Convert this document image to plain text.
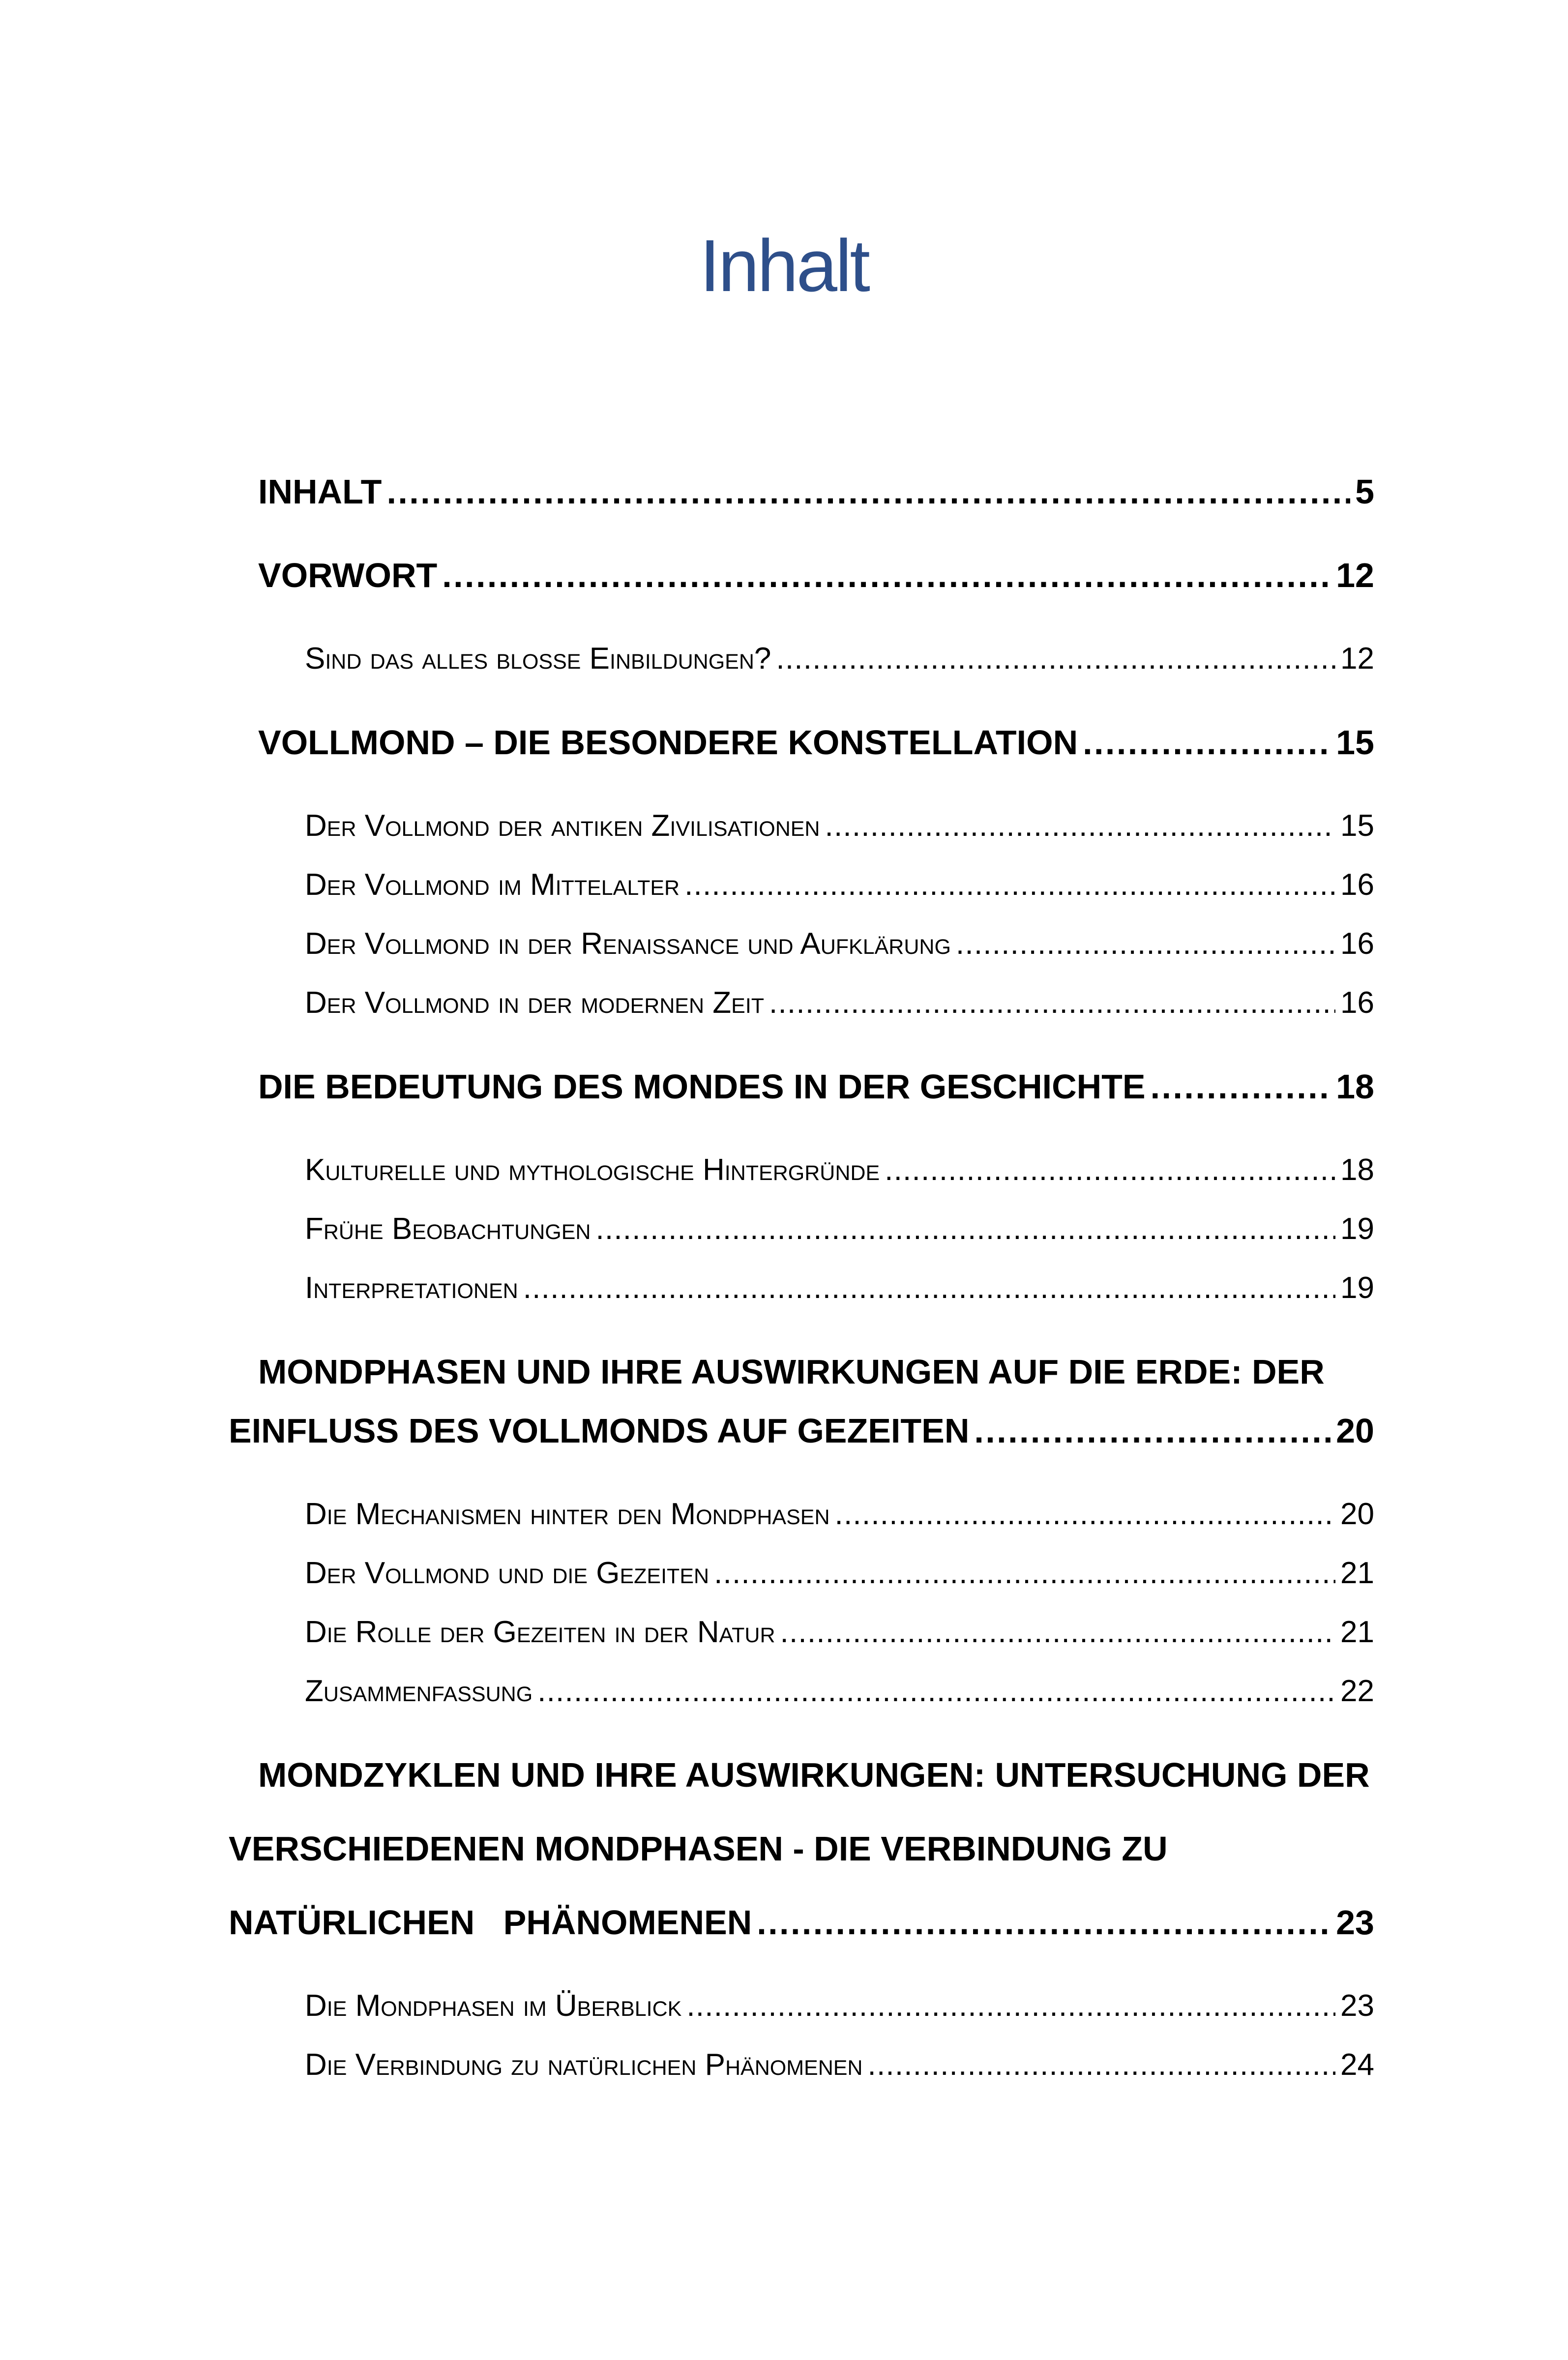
Inhalt
INHALT . . .	5
VORWORT . . .	12
Sind das alles bloße Einbildungen? . . .	12
VOLLMOND – DIE BESONDERE KONSTELLATION . . .	15
Der Vollmond der antiken Zivilisationen . . .	15
Der Vollmond im Mittelalter . . .	16
Der Vollmond in der Renaissance und Aufklärung . . .	16
Der Vollmond in der modernen Zeit . . .	16
DIE BEDEUTUNG DES MONDES IN DER GESCHICHTE . . .	18
Kulturelle und mythologische Hintergründe . . .	18
Frühe Beobachtungen . . .	19
Interpretationen . . .	19
MONDPHASEN UND IHRE AUSWIRKUNGEN AUF DIE ERDE: DER
EINFLUSS DES VOLLMONDS AUF GEZEITEN . . .	20
Die Mechanismen hinter den Mondphasen . . .	20
Der Vollmond und die Gezeiten . . .	21
Die Rolle der Gezeiten in der Natur . . .	21
Zusammenfassung . . .	22
MONDZYKLEN UND IHRE AUSWIRKUNGEN: UNTERSUCHUNG DER
VERSCHIEDENEN MONDPHASEN - DIE VERBINDUNG ZU
NATÜRLICHEN   PHÄNOMENEN . . .	23
Die Mondphasen im Überblick . . .	23
Die Verbindung zu natürlichen Phänomenen . . .	24
